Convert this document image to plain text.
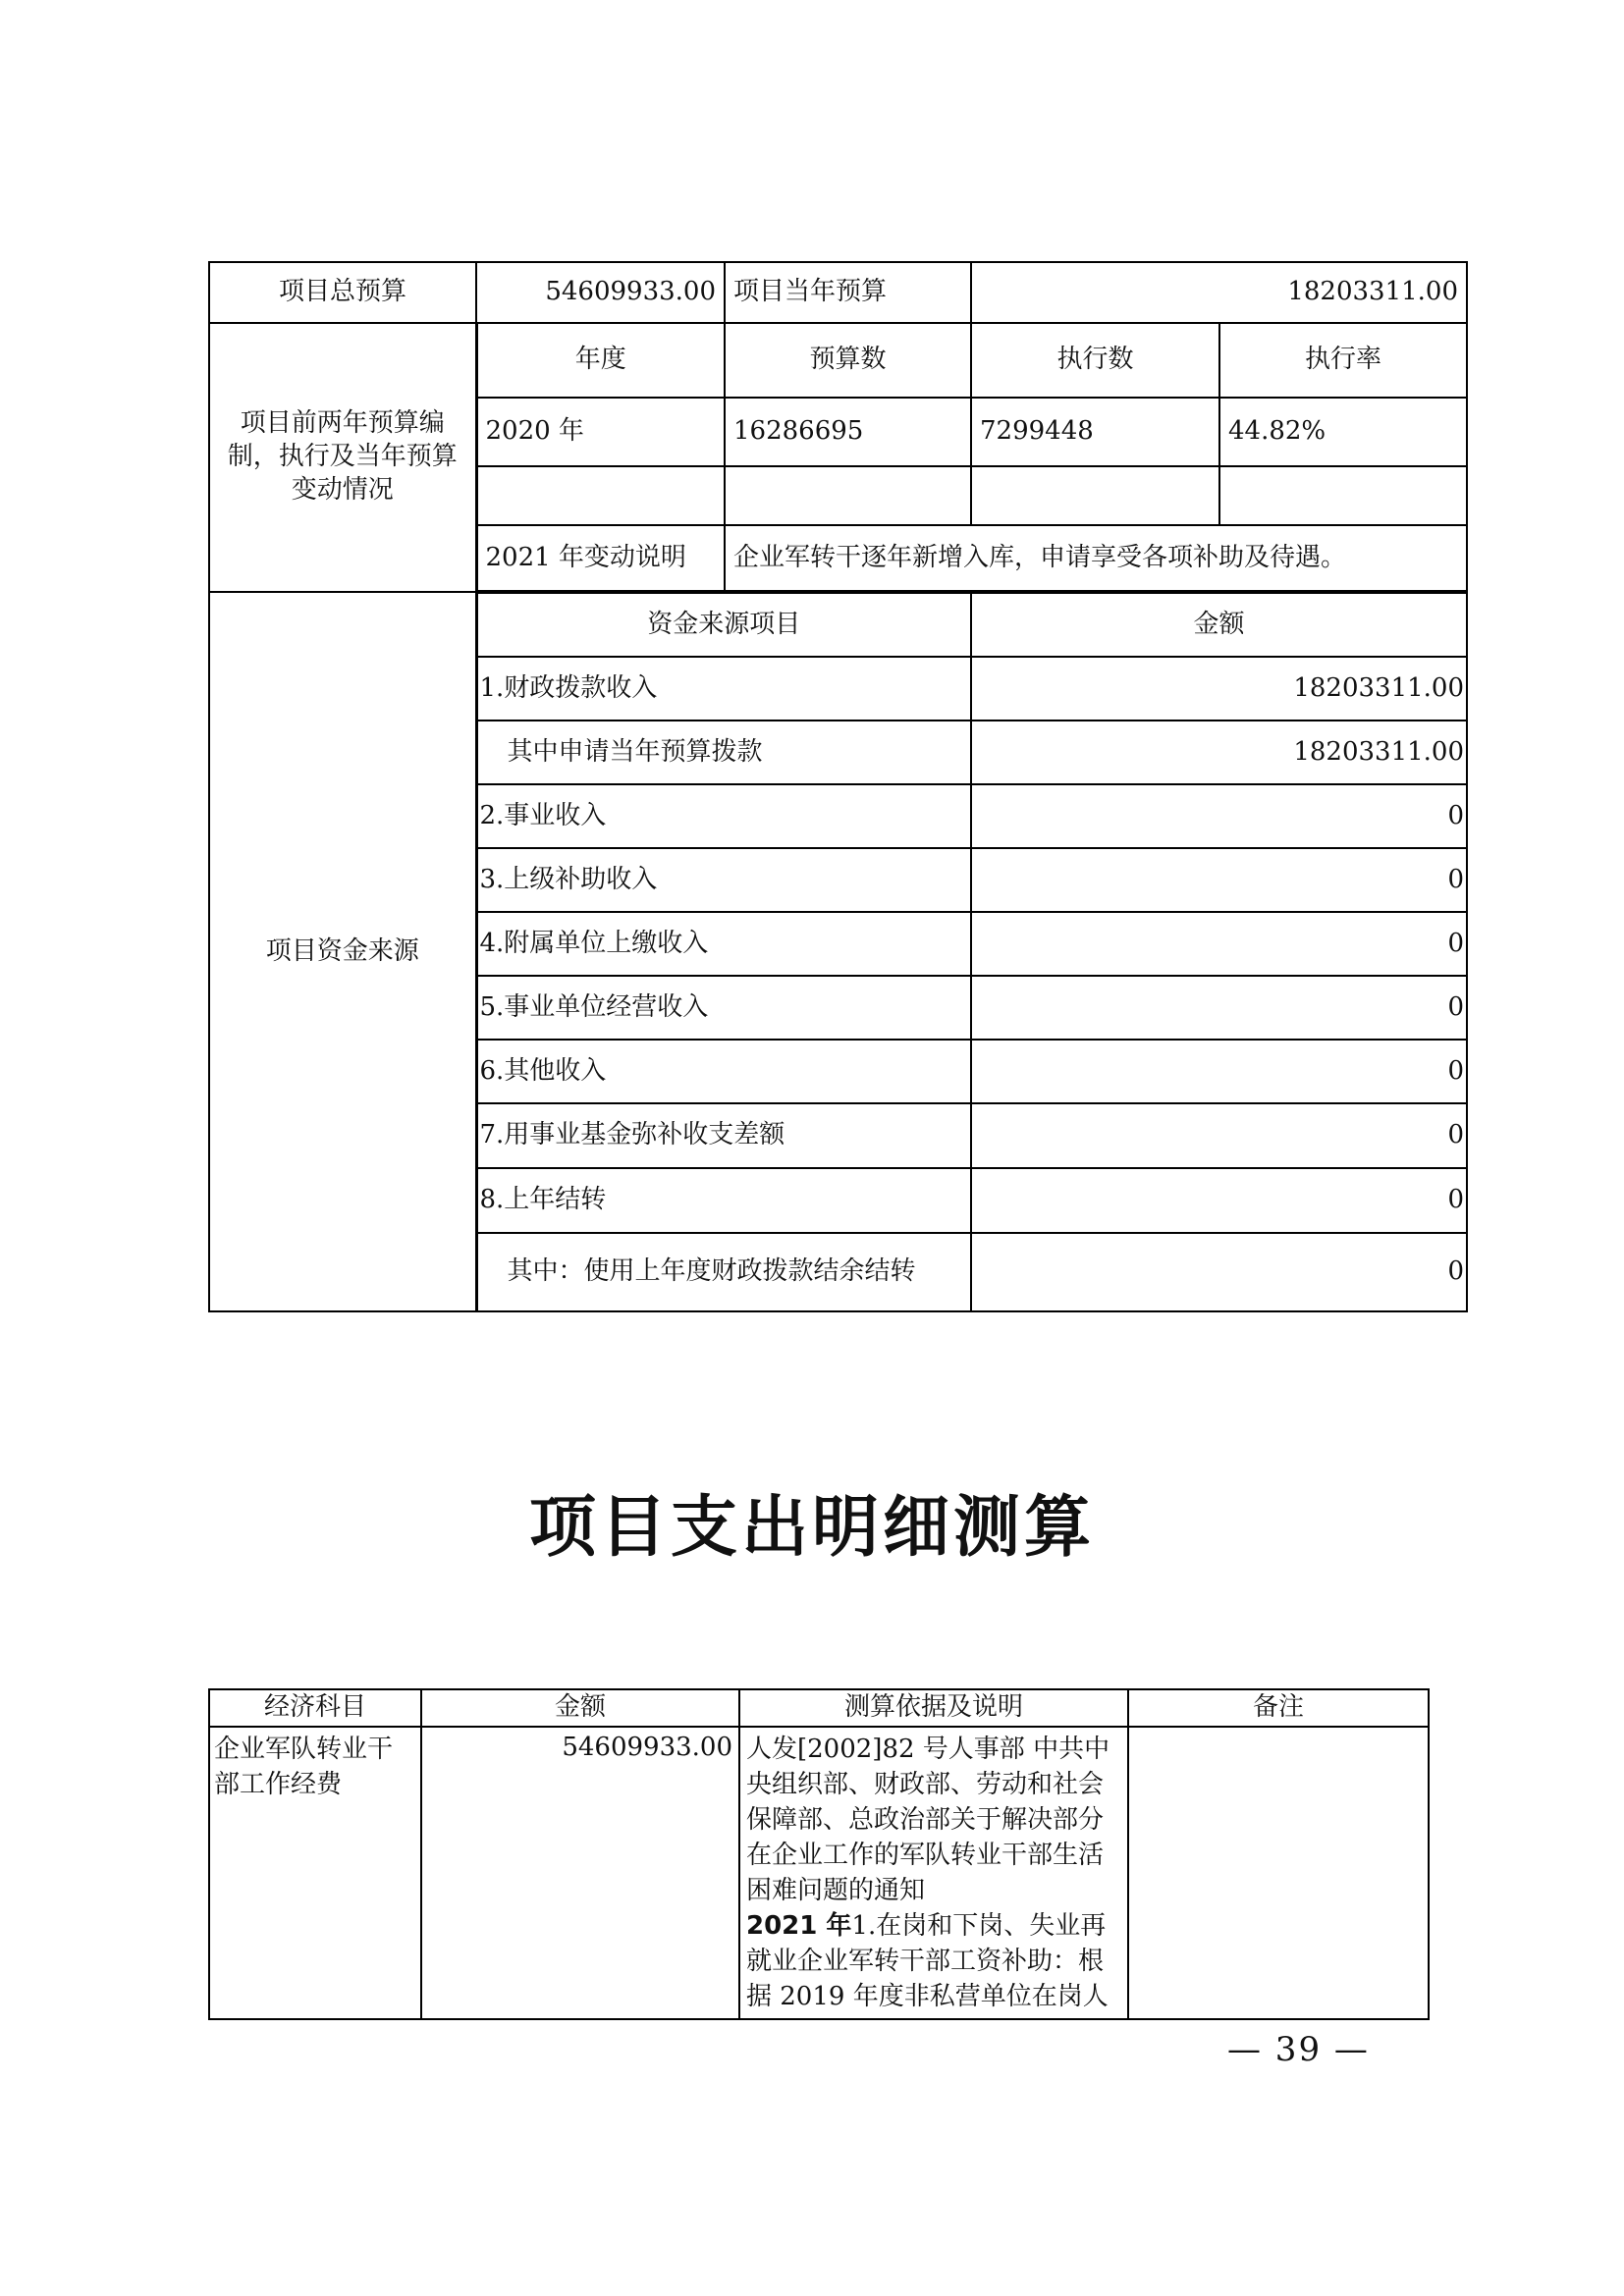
项目总预算	54609933.00	项目当年预算	18203311.00	
项目前两年预算编制，执行及当年预算变动情况	年度	预算数	执行数	执行率
	2020 年	16286695	7299448	44.82%

	2021 年变动说明	企业军转干逐年新增入库，申请享受各项补助及待遇。		
项目资金来源	资金来源项目		金额	
	1.财政拨款收入		18203311.00	
	其中申请当年预算拨款		18203311.00	
	2.事业收入		0	
	3.上级补助收入		0	
	4.附属单位上缴收入		0	
	5.事业单位经营收入		0	
	6.其他收入		0	
	7.用事业基金弥补收支差额		0	
	8.上年结转		0	
	其中：使用上年度财政拨款结余结转		0	
项目支出明细测算
经济科目	金额	测算依据及说明	备注
企业军队转业干部工作经费	54609933.00	人发[2002]82 号人事部 中共中央组织部、财政部、劳动和社会保障部、总政治部关于解决部分在企业工作的军队转业干部生活困难问题的通知
2021 年1.在岗和下岗、失业再就业企业军转干部工资补助：根据 2019 年度非私营单位在岗人	
— 39 —
